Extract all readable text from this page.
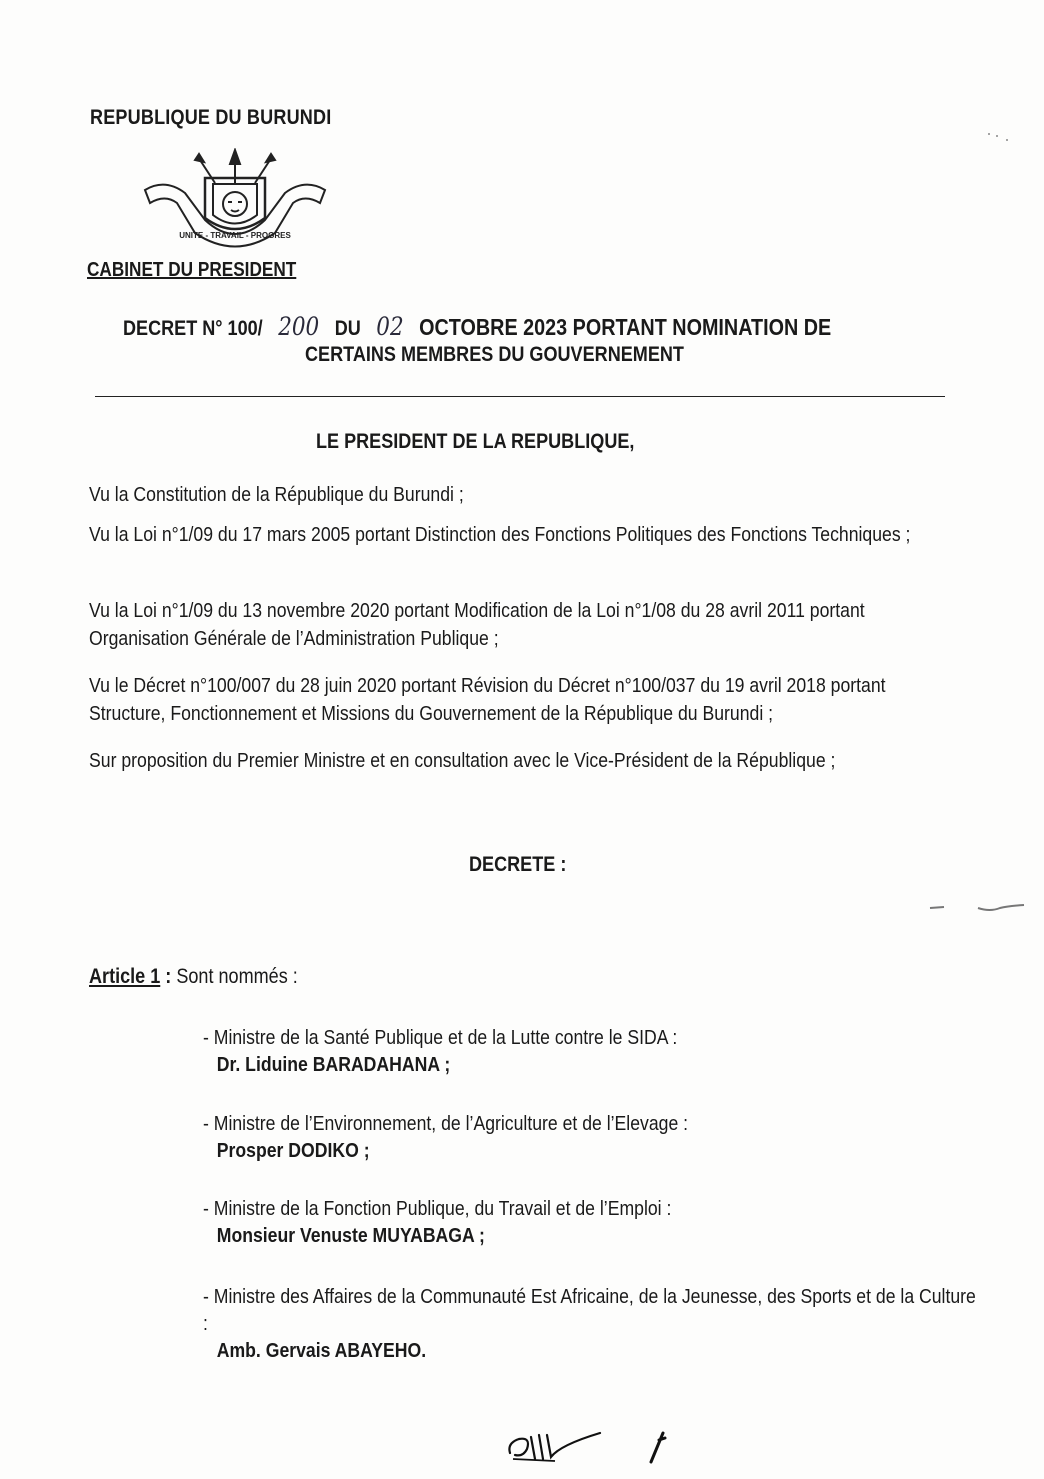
REPUBLIQUE DU BURUNDI
UNITE - TRAVAIL - PROGRES
CABINET DU PRESIDENT
DECRET N° 100/ 200 DU 02 OCTOBRE 2023 PORTANT NOMINATION DE
CERTAINS MEMBRES DU GOUVERNEMENT
LE PRESIDENT DE LA REPUBLIQUE,
Vu la Constitution de la République du Burundi ;
Vu la Loi n°1/09 du 17 mars 2005 portant Distinction des Fonctions Politiques des Fonctions Techniques ;
Vu la Loi n°1/09 du 13 novembre 2020 portant Modification de la Loi n°1/08 du 28 avril 2011 portant Organisation Générale de l’Administration Publique ;
Vu le Décret n°100/007 du 28 juin 2020 portant Révision du Décret n°100/037 du 19 avril 2018 portant Structure, Fonctionnement et Missions du Gouvernement de la République du Burundi ;
Sur proposition du Premier Ministre et en consultation avec le Vice-Président de la République ;
DECRETE :
Article 1 : Sont nommés :
- Ministre de la Santé Publique et de la Lutte contre le SIDA :
Dr. Liduine BARADAHANA ;
- Ministre de l’Environnement, de l’Agriculture et de l’Elevage :
Prosper DODIKO ;
- Ministre de la Fonction Publique, du Travail et de l’Emploi :
Monsieur Venuste MUYABAGA ;
- Ministre des Affaires de la Communauté Est Africaine, de la Jeunesse, des Sports et de la Culture :
Amb. Gervais ABAYEHO.
